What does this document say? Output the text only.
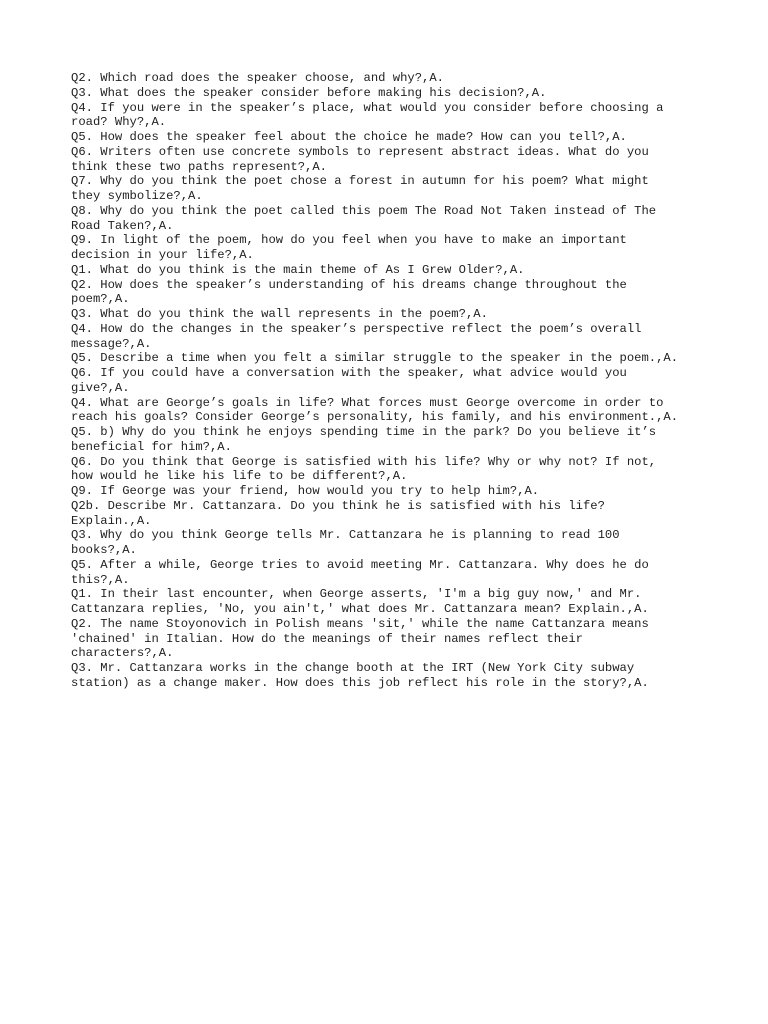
Q2. Which road does the speaker choose, and why?,A.
Q3. What does the speaker consider before making his decision?,A.
Q4. If you were in the speaker’s place, what would you consider before choosing a
road? Why?,A.
Q5. How does the speaker feel about the choice he made? How can you tell?,A.
Q6. Writers often use concrete symbols to represent abstract ideas. What do you
think these two paths represent?,A.
Q7. Why do you think the poet chose a forest in autumn for his poem? What might
they symbolize?,A.
Q8. Why do you think the poet called this poem The Road Not Taken instead of The
Road Taken?,A.
Q9. In light of the poem, how do you feel when you have to make an important
decision in your life?,A.
Q1. What do you think is the main theme of As I Grew Older?,A.
Q2. How does the speaker’s understanding of his dreams change throughout the
poem?,A.
Q3. What do you think the wall represents in the poem?,A.
Q4. How do the changes in the speaker’s perspective reflect the poem’s overall
message?,A.
Q5. Describe a time when you felt a similar struggle to the speaker in the poem.,A.
Q6. If you could have a conversation with the speaker, what advice would you
give?,A.
Q4. What are George’s goals in life? What forces must George overcome in order to
reach his goals? Consider George’s personality, his family, and his environment.,A.
Q5. b) Why do you think he enjoys spending time in the park? Do you believe it’s
beneficial for him?,A.
Q6. Do you think that George is satisfied with his life? Why or why not? If not,
how would he like his life to be different?,A.
Q9. If George was your friend, how would you try to help him?,A.
Q2b. Describe Mr. Cattanzara. Do you think he is satisfied with his life?
Explain.,A.
Q3. Why do you think George tells Mr. Cattanzara he is planning to read 100
books?,A.
Q5. After a while, George tries to avoid meeting Mr. Cattanzara. Why does he do
this?,A.
Q1. In their last encounter, when George asserts, 'I'm a big guy now,' and Mr.
Cattanzara replies, 'No, you ain't,' what does Mr. Cattanzara mean? Explain.,A.
Q2. The name Stoyonovich in Polish means 'sit,' while the name Cattanzara means
'chained' in Italian. How do the meanings of their names reflect their
characters?,A.
Q3. Mr. Cattanzara works in the change booth at the IRT (New York City subway
station) as a change maker. How does this job reflect his role in the story?,A.
